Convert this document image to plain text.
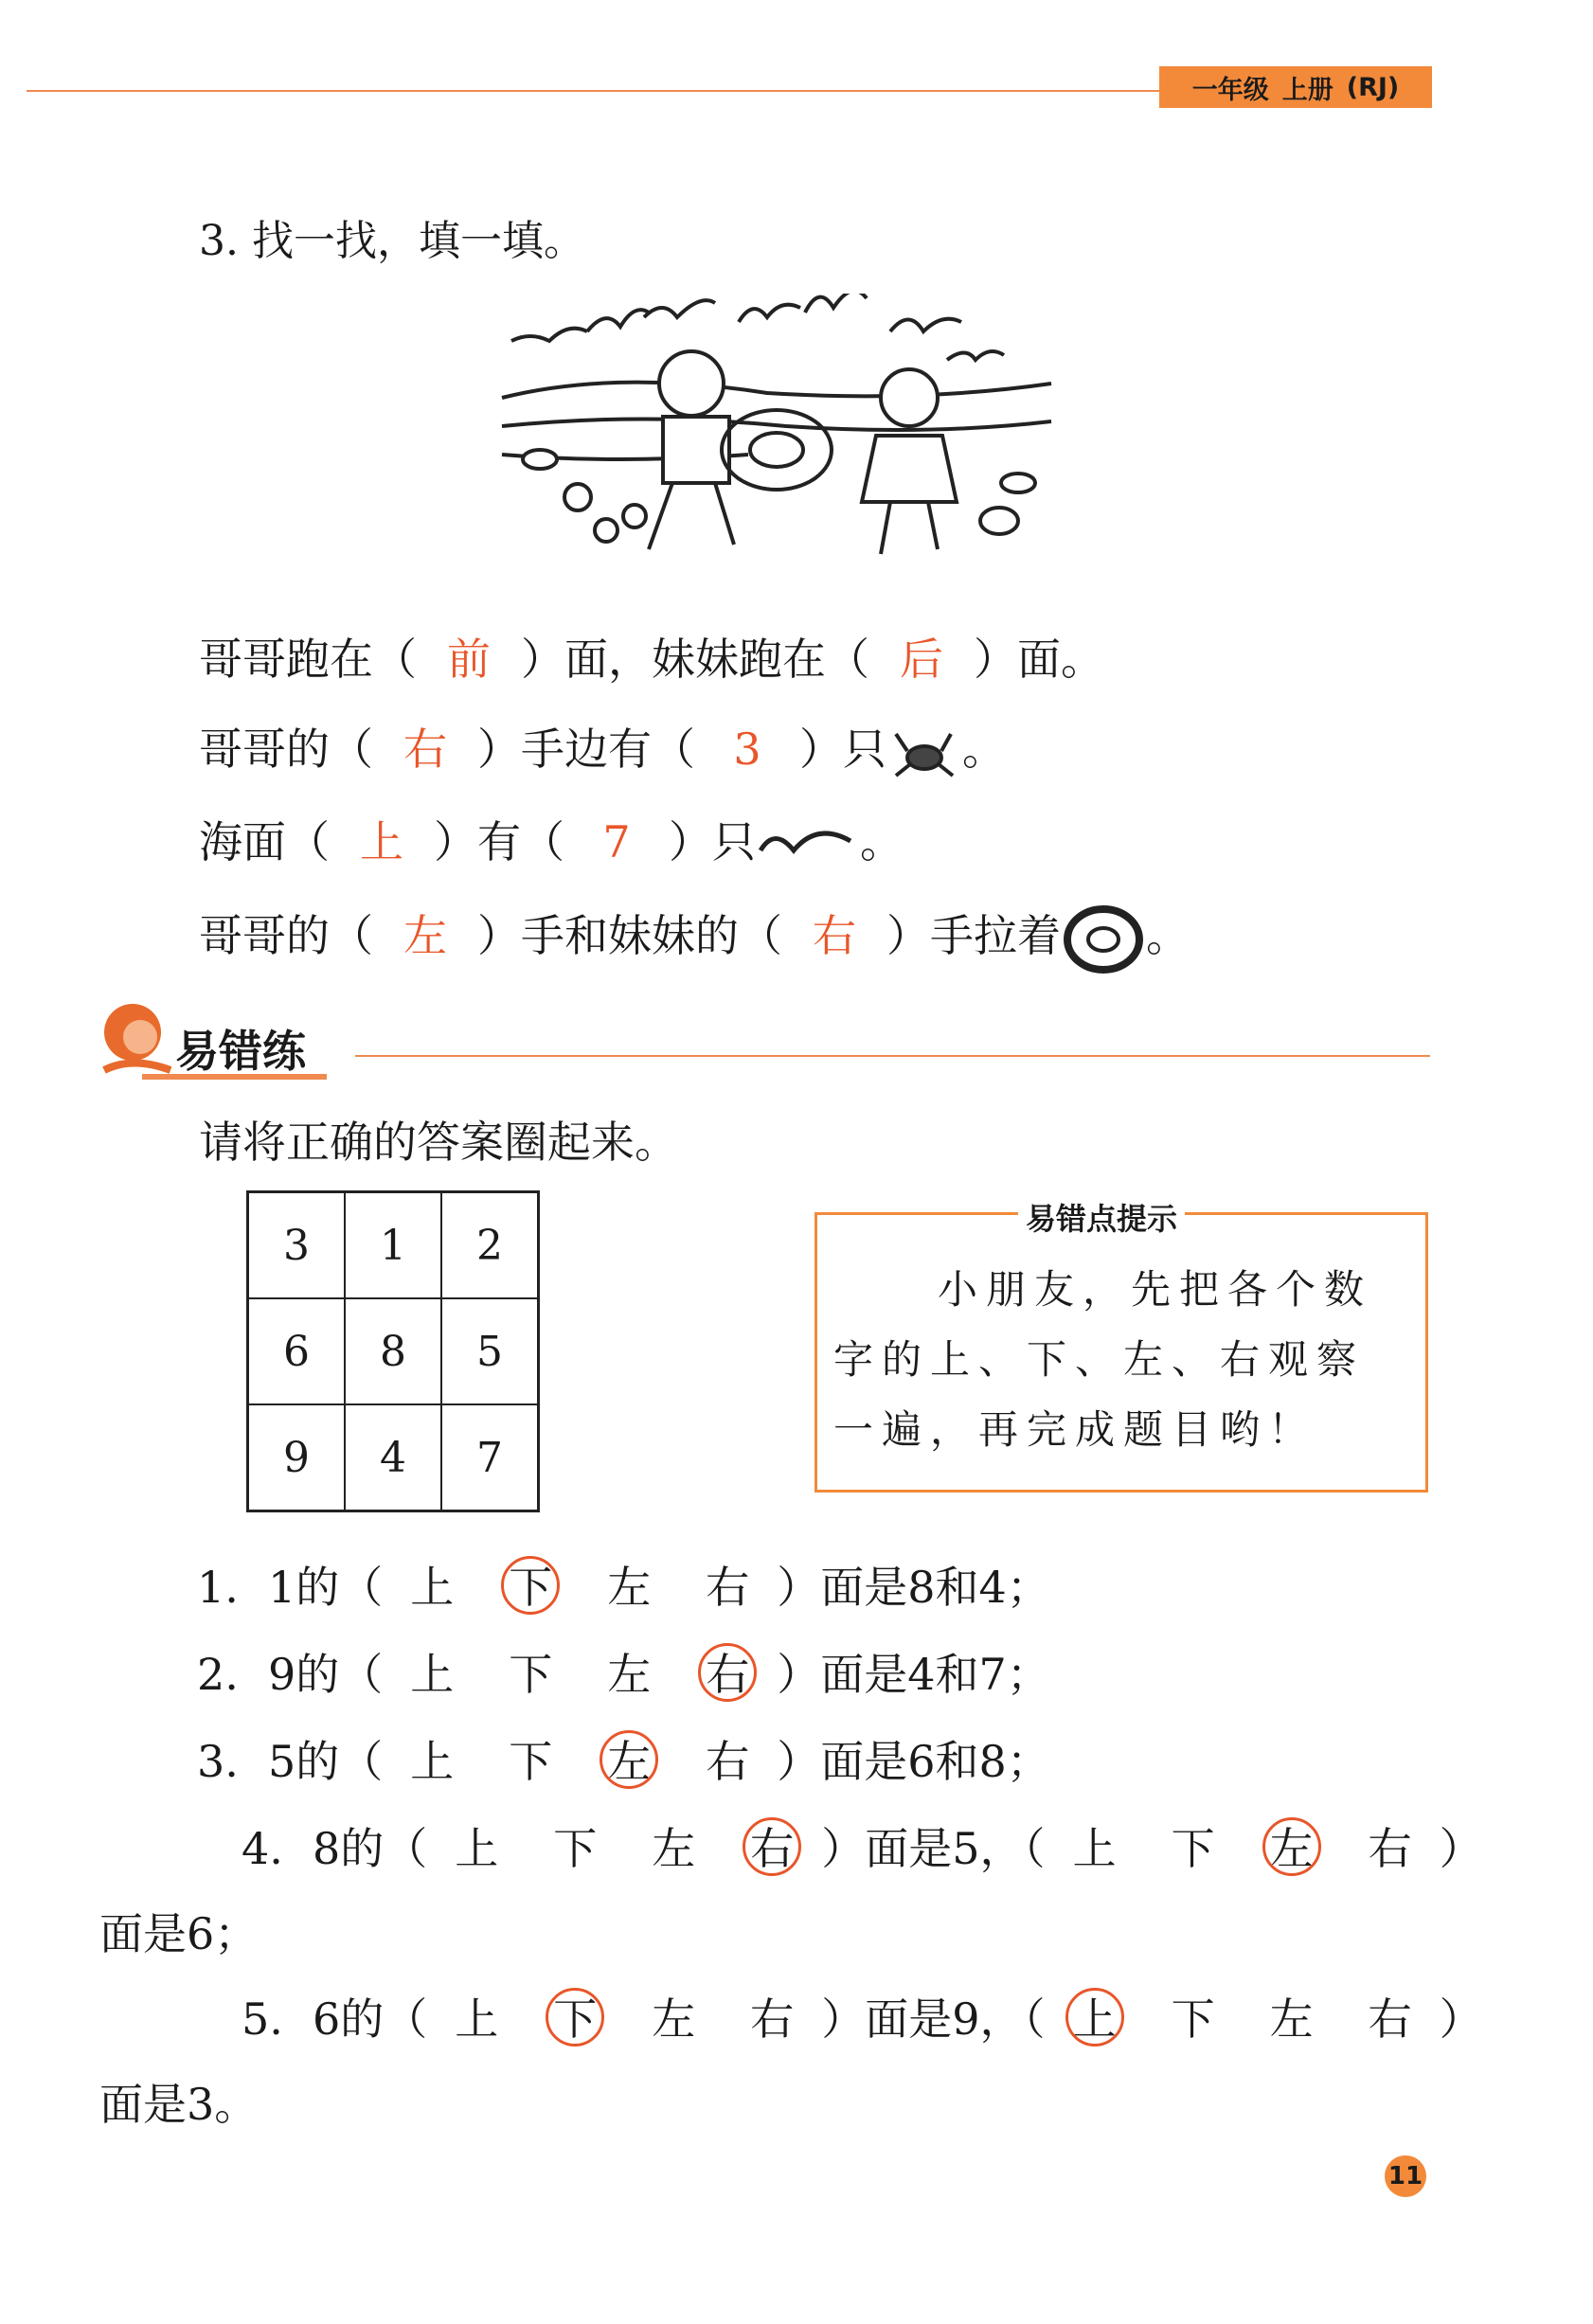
一年级 上册 (RJ)
3. 找一找，填一填。
哥哥跑在（ 前 ）面，妹妹跑在（ 后 ）面。
哥哥的（ 右 ）手边有（ 3 ）只 。
海面（ 上 ）有（ 7 ）只 。
哥哥的（ 左 ）手和妹妹的（ 右 ）手拉着 。
易错练
请将正确的答案圈起来。
3	1	2
6	8	5
9	4	7
易错点提示
小朋友，先把各个数字的上、下、左、右观察一遍，再完成题目哟！
1. 1的（ 上 下 左 右 ）面是8和4；
2. 9的（ 上 下 左 右 ）面是4和7；
3. 5的（ 上 下 左 右 ）面是6和8；
4. 8的（ 上 下 左 右 ）面是5，（ 上 下 左 右 ）
面是6；
5. 6的（ 上 下 左 右 ）面是9，（ 上 下 左 右 ）
面是3。
11
